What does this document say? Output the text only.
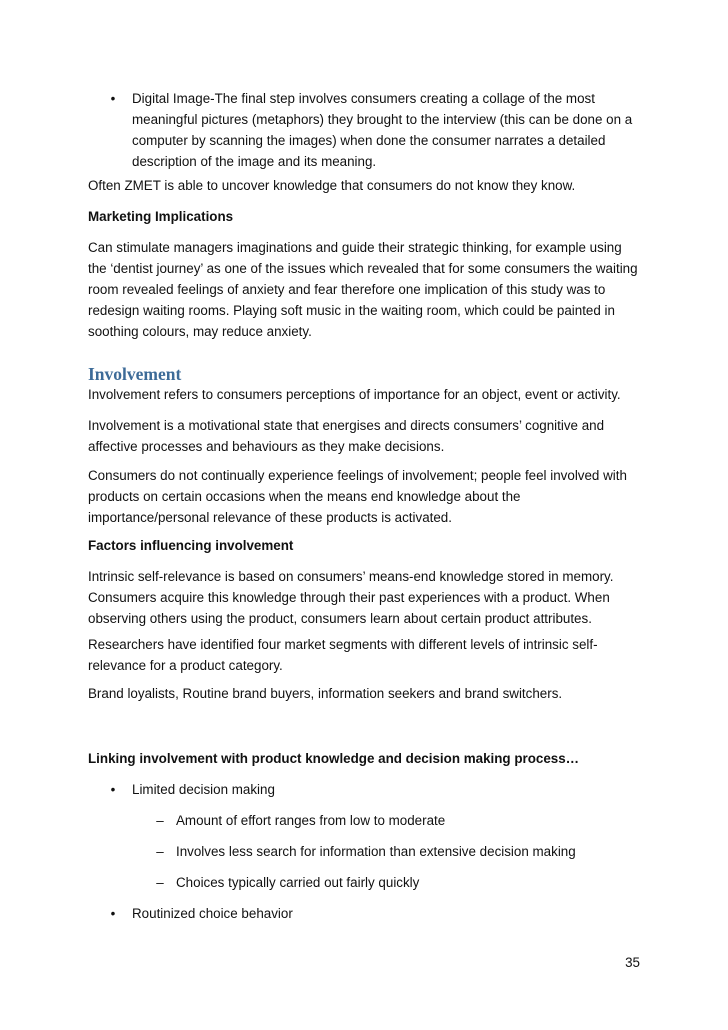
•	Digital Image-The final step involves consumers creating a collage of the most meaningful pictures (metaphors) they brought to the interview (this can be done on a computer by scanning the images) when done the consumer narrates a detailed description of the image and its meaning.

Often ZMET is able to uncover knowledge that consumers do not know they know.

Marketing Implications

Can stimulate managers imaginations and guide their strategic thinking, for example using the ‘dentist journey’ as one of the issues which revealed that for some consumers the waiting room revealed feelings of anxiety and fear therefore one implication of this study was to redesign waiting rooms. Playing soft music in the waiting room, which could be painted in soothing colours, may reduce anxiety.

Involvement

Involvement refers to consumers perceptions of importance for an object, event or activity.

Involvement is a motivational state that energises and directs consumers’ cognitive and affective processes and behaviours as they make decisions.

Consumers do not continually experience feelings of involvement; people feel involved with products on certain occasions when the means end knowledge about the importance/personal relevance of these products is activated.

Factors influencing involvement

Intrinsic self-relevance is based on consumers’ means-end knowledge stored in memory. Consumers acquire this knowledge through their past experiences with a product. When observing others using the product, consumers learn about certain product attributes.

Researchers have identified four market segments with different levels of intrinsic self-relevance for a product category.

Brand loyalists, Routine brand buyers, information seekers and brand switchers.

Linking involvement with product knowledge and decision making process…

•	Limited decision making
– Amount of effort ranges from low to moderate
– Involves less search for information than extensive decision making
– Choices typically carried out fairly quickly
•	Routinized choice behavior
35
